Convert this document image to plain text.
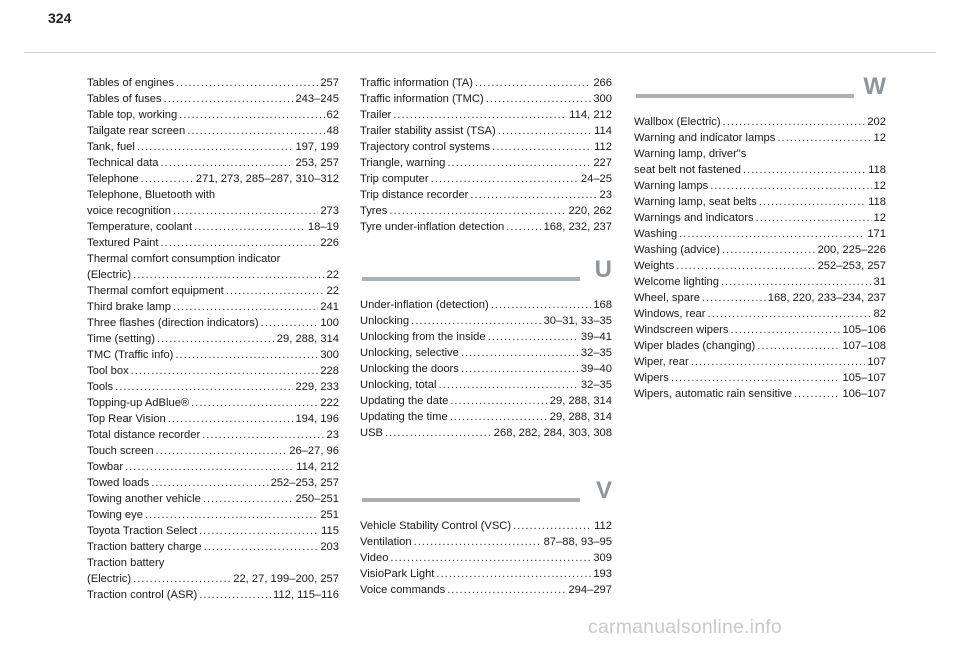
324
Tables of engines .....	257
Tables of fuses .....	243–245
Table top, working .....	62
Tailgate rear screen .....	48
Tank, fuel .....	197, 199
Technical data .....	253, 257
Telephone .....	271, 273, 285–287, 310–312
Telephone, Bluetooth with
voice recognition .....	273
Temperature, coolant .....	18–19
Textured Paint .....	226
Thermal comfort consumption indicator
(Electric) .....	22
Thermal comfort equipment .....	22
Third brake lamp .....	241
Three flashes (direction indicators) .....	100
Time (setting) .....	29, 288, 314
TMC (Traffic info) .....	300
Tool box .....	228
Tools .....	229, 233
Topping-up AdBlue® .....	222
Top Rear Vision .....	194, 196
Total distance recorder .....	23
Touch screen .....	26–27, 96
Towbar .....	114, 212
Towed loads .....	252–253, 257
Towing another vehicle .....	250–251
Towing eye .....	251
Toyota Traction Select .....	115
Traction battery charge .....	203
Traction battery
(Electric) .....	22, 27, 199–200, 257
Traction control (ASR) .....	112, 115–116
Traffic information (TA) .....	266
Traffic information (TMC) .....	300
Trailer .....	114, 212
Trailer stability assist (TSA) .....	114
Trajectory control systems .....	112
Triangle, warning .....	227
Trip computer .....	24–25
Trip distance recorder .....	23
Tyres .....	220, 262
Tyre under-inflation detection .....	168, 232, 237
U
Under-inflation (detection) .....	168
Unlocking .....	30–31, 33–35
Unlocking from the inside .....	39–41
Unlocking, selective .....	32–35
Unlocking the doors .....	39–40
Unlocking, total .....	32–35
Updating the date .....	29, 288, 314
Updating the time .....	29, 288, 314
USB .....	268, 282, 284, 303, 308
V
Vehicle Stability Control (VSC) .....	112
Ventilation .....	87–88, 93–95
Video .....	309
VisioPark Light .....	193
Voice commands .....	294–297
W
Wallbox (Electric) .....	202
Warning and indicator lamps .....	12
Warning lamp, driver"s
seat belt not fastened .....	118
Warning lamps .....	12
Warning lamp, seat belts .....	118
Warnings and indicators .....	12
Washing .....	171
Washing (advice) .....	200, 225–226
Weights .....	252–253, 257
Welcome lighting .....	31
Wheel, spare .....	168, 220, 233–234, 237
Windows, rear .....	82
Windscreen wipers .....	105–106
Wiper blades (changing) .....	107–108
Wiper, rear .....	107
Wipers .....	105–107
Wipers, automatic rain sensitive .....	106–107
carmanualsonline.info
